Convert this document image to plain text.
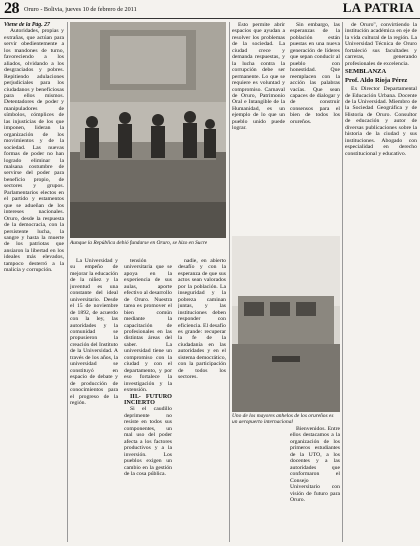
28 Oruro - Bolivia, jueves 10 de febrero de 2011	LA PATRIA

Viene de la Pág. 27

Autoridades, propias y extrañas, que actúan para servir obedientemente a los mandones de turno, favoreciendo a los aliados, olvidando a los desgraciados y pobres. Repitiendo adulaciones perjudiciales para los ciudadanos y beneficiosas para ellos mismos. Detentadores de poder y manipuladores de símbolos, cómplices de las injusticias de los que imponen, lideran la organización de los movimientos y de la sociedad. Las nuevas formas de poder no han logrado eliminar la malsana costumbre de servirse del poder para beneficio propio, de sectores y grupos. Parlamentarios electos en el partido y estamentos que se adueñan de los intereses nacionales. Oruro, desde la respuesta de la democracia, con la persistente lucha, la sangre y hasta la muerte de los patriotas que ansiaron la libertad en los ideales más elevados, tampoco desterró a la malicia y corrupción.

Aunque la República debió fundarse en Oruro, se hizo en Sucre

La Universidad y su empeño de mejorar la educación de la niñez y la juventud es una constante del ideal universitario. Desde el 15 de noviembre de 1892, de acuerdo con la ley, las autoridades y la comunidad se propusieron la creación del Instituto de la Universidad. A través de los años, la universidad se constituyó en espacio de debate y de producción de conocimientos para el progreso de la región.

tensión universitaria que se apoya en la experiencia de sus aulas, aporte efectivo al desarrollo de Oruro. Nuestra tarea es promover el bien común mediante la capacitación de profesionales en las distintas áreas del saber. La universidad tiene un compromiso con la ciudad y con el departamento, y por eso fortalece la investigación y la extensión.

III.- FUTURO INCIERTO

Si el caudillo deprimente no resiste en todos sus componentes, un mal uso del poder afecta a los factores productivos y a la inversión. Los pueblos exigen un cambio en la gestión de la cosa pública.

nadie, en abierto desafío y con la esperanza de que sus actos sean valorados por la población. La inseguridad y la pobreza caminan juntas, y las instituciones deben responder con eficiencia. El desafío es grande: recuperar la fe de la ciudadanía en las autoridades y en el sistema democrático, con la participación de todos los sectores.

Esto permite abrir espacios que ayudan a resolver los problemas de la sociedad. La ciudad crece y demanda respuestas, y la lucha contra la corrupción debe ser permanente. Lo que se requiere es voluntad y compromiso. Carnaval de Oruro, Patrimonio Oral e Intangible de la Humanidad, es un ejemplo de lo que un pueblo unido puede lograr.

Sin embargo, las esperanzas de la población están puestas en una nueva generación de líderes que sepan conducir al pueblo con honestidad. Que reemplacen con la acción las palabras vacías. Que sean capaces de dialogar y de construir consensos para el bien de todos los orureños.

Uno de los mayores anhelos de los orureños es un aeropuerto internacional

Bienvenidos. Entre ellos destacamos a la organización de los primeros estudiantes de la UTO, a los docentes y a las autoridades que conformaron el Consejo Universitario con visión de futuro para Oruro.

de Oruro", convirtiendo la institución académica en eje de la vida cultural de la región. La Universidad Técnica de Oruro fortaleció sus facultades y carreras, generando profesionales de excelencia.

SEMBLANZA

Prof. Aldo Rioja Pérez

Ex Director Departamental de Educación Urbana. Docente de la Universidad. Miembro de la Sociedad Geográfica y de Historia de Oruro. Consultor de educación y autor de diversas publicaciones sobre la historia de la ciudad y sus instituciones. Abogado con especialidad en derecho constitucional y educativo.
